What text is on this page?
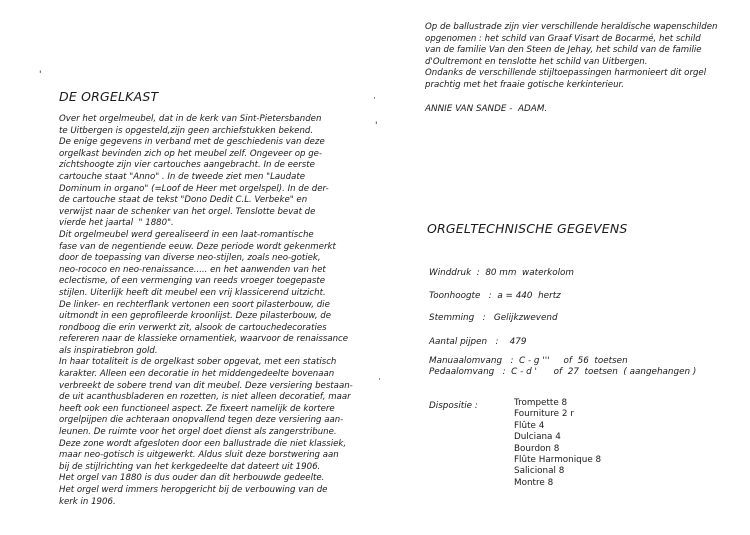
'
·
'
·
DE ORGELKAST
Over het orgelmeubel, dat in de kerk van Sint-Pietersbanden
te Uitbergen is opgesteld,zijn geen archiefstukken bekend.
De enige gegevens in verband met de geschiedenis van deze
orgelkast bevinden zich op het meubel zelf. Ongeveer op ge-
zichtshoogte zijn vier cartouches aangebracht. In de eerste
cartouche staat "Anno" . In de tweede ziet men "Laudate
Dominum in organo" (=Loof de Heer met orgelspel). In de der-
de cartouche staat de tekst "Dono Dedit C.L. Verbeke" en
verwijst naar de schenker van het orgel. Tenslotte bevat de
vierde het jaartal  " 1880".
Dit orgelmeubel werd gerealiseerd in een laat-romantische
fase van de negentiende eeuw. Deze periode wordt gekenmerkt
door de toepassing van diverse neo-stijlen, zoals neo-gotiek,
neo-rococo en neo-renaissance..... en het aanwenden van het
eclectisme, of een vermenging van reeds vroeger toegepaste
stijlen. Uiterlijk heeft dit meubel een vrij klassicerend uitzicht.
De linker- en rechterflank vertonen een soort pilasterbouw, die
uitmondt in een geprofileerde kroonlijst. Deze pilasterbouw, de
rondboog die erin verwerkt zit, alsook de cartouchedecoraties
refereren naar de klassieke ornamentiek, waarvoor de renaissance
als inspiratiebron gold.
In haar totaliteit is de orgelkast sober opgevat, met een statisch
karakter. Alleen een decoratie in het middengedeelte bovenaan
verbreekt de sobere trend van dit meubel. Deze versiering bestaan-
de uit acanthusbladeren en rozetten, is niet alleen decoratief, maar
heeft ook een functioneel aspect. Ze fixeert namelijk de kortere
orgelpijpen die achteraan onopvallend tegen deze versiering aan-
leunen. De ruimte voor het orgel doet dienst als zangerstribune.
Deze zone wordt afgesloten door een ballustrade die niet klassiek,
maar neo-gotisch is uitgewerkt. Aldus sluit deze borstwering aan
bij de stijlrichting van het kerkgedeelte dat dateert uit 1906.
Het orgel van 1880 is dus ouder dan dit herbouwde gedeelte.
Het orgel werd immers heropgericht bij de verbouwing van de
kerk in 1906.
Op de ballustrade zijn vier verschillende heraldische wapenschilden
opgenomen : het schild van Graaf Visart de Bocarmé, het schild
van de familie Van den Steen de Jehay, het schild van de familie
d'Oultremont en tenslotte het schild van Uitbergen.
Ondanks de verschillende stijltoepassingen harmonieert dit orgel
prachtig met het fraaie gotische kerkinterieur.
ANNIE VAN SANDE -  ADAM.
ORGELTECHNISCHE GEGEVENS
Winddruk  :  80 mm  waterkolom
Toonhoogte   :  a = 440  hertz
Stemming   :   Gelijkzwevend
Aantal pijpen   :    479
Manuaalomvang   :  C - g '''     of  56  toetsen
Pedaalomvang   :  C - d '      of  27  toetsen  ( aangehangen )
Dispositie :	Trompette 8
Fourniture 2 r
Flûte 4
Dulciana 4
Bourdon 8
Flûte Harmonique 8
Salicional 8
Montre 8
